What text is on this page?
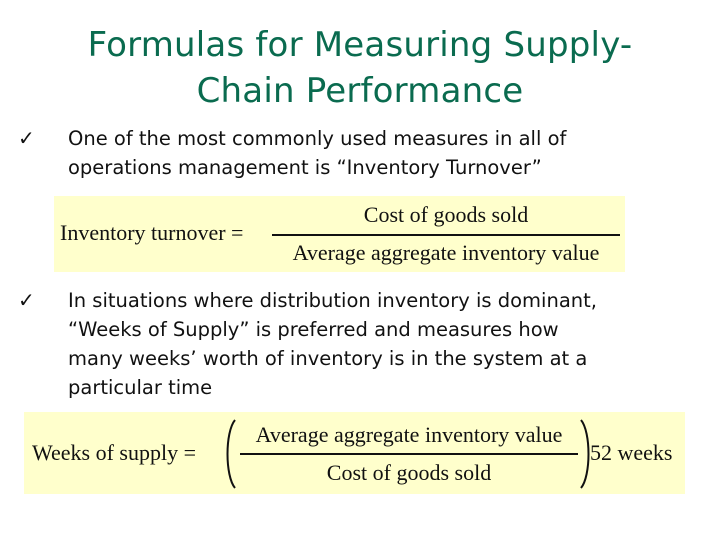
Formulas for Measuring Supply-
Chain Performance
✓ One of the most commonly used measures in all of
operations management is “Inventory Turnover”
Inventory turnover =
Cost of goods sold
Average aggregate inventory value
✓ In situations where distribution inventory is dominant,
“Weeks of Supply” is preferred and measures how
many weeks’ worth of inventory is in the system at a
particular time
Weeks of supply =
Average aggregate inventory value
Cost of goods sold
52 weeks
